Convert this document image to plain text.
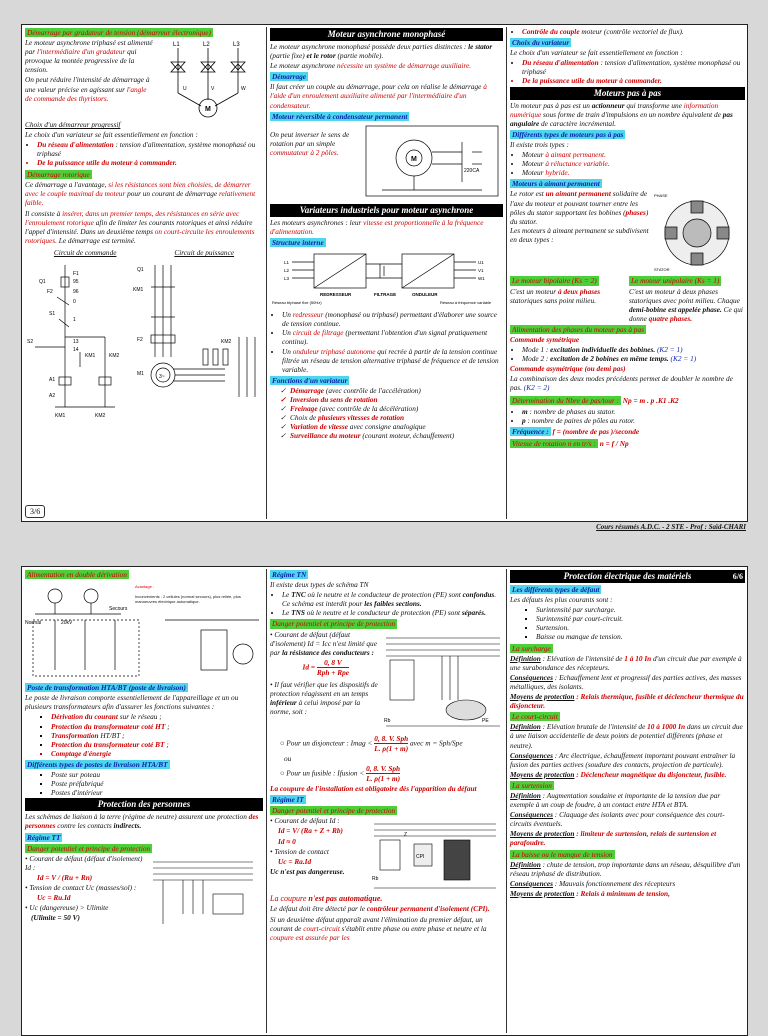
Démarrage par gradateur de tension (démarreur électronique)

Le moteur asynchrone triphasé est alimenté par l'intermédiaire d'un gradateur qui provoque la montée progressive de la tension.

On peut réduire l'intensité de démarrage à une valeur précise en agissant sur l'angle de commande des thyristors.

L1	L2	L3
U	V	W
M

Choix d'un démarreur progressif

Le choix d'un variateur se fait essentiellement en fonction :

• Du réseau d'alimentation : tension d'alimentation, système monophasé ou triphasé
• De la puissance utile du moteur à commander.
Démarrage rotorique

Ce démarrage a l'avantage, si les résistances sont bien choisies, de démarrer avec le couple maximal du moteur pour un courant de démarrage relativement faible.

Il consiste à insérer, dans un premier temps, des résistances en série avec l'enroulement rotorique afin de limiter les courants rotoriques et ainsi réduire l'appel d'intensité. Dans un deuxième temps on court-circuite les enroulements rotoriques. Le démarrage est terminé.

Circuit de commande	Circuit de puissance
Q1
F1
95
F2	96
0
S1
1
S2	13
14
KM1	KM2
A1
A2
KM1	KM2
Q1
KM1
KM2
M1	3~
F2
Moteur asynchrone monophasé

Le moteur asynchrone monophasé possède deux parties distinctes : le stator (partie fixe) et le rotor (partie mobile).

Le moteur asynchrone nécessite un système de démarrage auxiliaire.

Démarrage

Il faut créer un couple au démarrage, pour cela on réalise le démarrage à l'aide d'un enroulement auxiliaire alimenté par l'intermédiaire d'un condensateur.

Moteur réversible à condensateur permanent

On peut inverser le sens de rotation par un simple commutateur à 2 pôles.

220CA
M
Variateurs industriels pour moteur asynchrone

Les moteurs asynchrones : leur vitesse est proportionnelle à la fréquence d'alimentation.

Structure interne
L1
L2
L3
U1
V1
W1
REDRESSEUR	FILTRAGE	ONDULEUR
Réseau triphasé fixe (50Hz)	Réseau à fréquence variable
• Un redresseur (monophasé ou triphasé) permettant d'élaborer une source de tension continue.
• Un circuit de filtrage (permettant l'obtention d'un signal pratiquement continu).
• Un onduleur triphasé autonome qui recrée à partir de la tension continue filtrée un réseau de tension alternative triphasé de fréquence et de tension variable.
Fonctions d'un variateur
✓ Démarrage (avec contrôle de l'accélération)
✓ Inversion du sens de rotation
✓ Freinage (avec contrôle de la décélération)
✓ Choix de plusieurs vitesses de rotation
✓ Variation de vitesse avec consigne analogique
✓ Surveillance du moteur (courant moteur, échauffement)
• Contrôle du couple moteur (contrôle vectoriel de flux).
Choix du variateur

Le choix d'un variateur se fait essentiellement en fonction :

• Du réseau d'alimentation : tension d'alimentation, système monophasé ou triphasé
• De la puissance utile du moteur à commander.
Moteurs pas à pas

Un moteur pas à pas est un actionneur qui transforme une information numérique sous forme de train d'impulsions en un nombre équivalent de pas angulaire de caractère incrémental.

Différents types de moteurs pas à pas

Il existe trois types :

• Moteur à aimant permanent.
• Moteur à réluctance variable.
• Moteur hybride.
Moteurs à aimant permanent

Le rotor est un aimant permanent solidaire de l'axe du moteur et pouvant tourner entre les pôles du stator supportant les bobines (phases) du stator.
Les moteurs à aimant permanent se subdivisent en deux types :

PHASE
STATOR
Le moteur bipolaire (Ks = 2)

C'est un moteur à deux phases statoriques sans point milieu.

Le moteur unipolaire (Ks = 1)

C'est un moteur à deux phases statoriques avec point milieu. Chaque demi-bobine est appelée phase. Ce qui donne quatre phases.

Alimentation des phases du moteur pas à pas

Commande symétrique

• Mode 1 : excitation individuelle des bobines. (K2 = 1)
• Mode 2 : excitation de 2 bobines en même temps. (K2 = 1)

Commande asymétrique (ou demi pas)

La combinaison des deux modes précédents permet de doubler le nombre de pas. (K2 = 2)

Détermination du Nbre de pas/tour : Np = m . p .K1 .K2

• m : nombre de phases au stator.
• p : nombre de paires de pôles au rotor.

Fréquence : f = (nombre de pas )/seconde

Vitesse de rotation n en tr/s : n = f / Np

3/6
Cours résumés A.D.C. - 2 STE - Prof : Saïd-CHARI
Alimentation en double dérivation
Normal	20kV
Secours
Avantage :
Inconvénients : 2 cellules (normal secours), plus reliée, plus manoeuvres électrique automatique.
Poste de transformation HTA/BT (poste de livraison)

Le poste de livraison comporte essentiellement de l'appareillage et un ou plusieurs transformateurs afin d'assurer les fonctions suivantes :

▪ Dérivation du courant sur le réseau ;
▪ Protection du transformateur coté HT ;
▪ Transformation HT/BT ;
▪ Protection du transformateur coté BT ;
▪ Comptage d'énergie
Différents types de postes de livraison HTA/BT
▪ Poste sur poteau
▪ Poste préfabriqué
▪ Postes d'intérieur
Protection des personnes

Les schémas de liaison à la terre (régime de neutre) assurent une protection des personnes contre les contacts indirects.

Régime TT
Danger potentiel et principe de protection

• Courant de défaut (défaut d'isolement) Id :

Id = V / (Ru + Rn)

• Tension de contact Uc (masses/sol) :

Uc = Ru.Id

• Uc (dangereuse) > Ulimite

(Ulimite = 50 V)

Régime TN

Il existe deux types de schéma TN

• Le TNC où le neutre et le conducteur de protection (PE) sont confondus. Ce schéma est interdit pour les faibles sections.
• Le TNS où le neutre et le conducteur de protection (PE) sont séparés.
Danger potentiel et principe de protection

• Courant de défaut (défaut d'isolement) Id = Icc n'est limité que par la résistance des conducteurs :

$Id = \frac{0, 8 V}{\text{Rph + Rpe}}$

• Il faut vérifier que les dispositifs de protection réagissent en un temps inférieur à celui imposé par la norme, soit :

Rb	PE

○ Pour un disjoncteur : Imag < $\frac{\text{0, 8. V. Sph}}{L. \rho(1 + m)}$ avec m = Sph/Spe

ou

○ Pour un fusible : Ifusion < $\frac{\text{0, 8. V. Sph}}{L. \rho(1 + m)}$

La coupure de l'installation est obligatoire dès l'apparition du défaut

Régime IT
Danger potentiel et principe de protection

• Courant de défaut Id :

Id = V/ (Ra + Z + Rb)

Id ≈ 0

• Tension de contact

Uc = Ra.Id

Uc n'est pas dangereuse.

Rb
CPI
Z

La coupure n'est pas automatique.

Le défaut doit être détecté par le contrôleur permanent d'isolement (CPI).

Si un deuxième défaut apparaît avant l'élimination du premier défaut, un courant de court-circuit s'établit entre phase ou entre phase et neutre et la coupure est assurée par les

Protection électrique des matériels
Les différents types de défaut

Les défauts les plus courants sont :

▪ Surintensité par surcharge.
▪ Surintensité par court-circuit.
▪ Surtension.
▪ Baisse ou manque de tension.
La surcharge

Définition : Elévation de l'intensité de 1 à 10 In d'un circuit due par exemple à une surabondance des récepteurs.

Conséquences : Echauffement lent et progressif des parties actives, des masses métalliques, des isolants.

Moyens de protection : Relais thermique, fusible et déclencheur thermique du disjoncteur.

Le court-circuit

Définition : Elévation brutale de l'intensité de 10 à 1000 In dans un circuit due à une liaison accidentelle de deux points de potentiel différents (phase et neutre).

Conséquences : Arc électrique, échauffement important pouvant entraîner la fusion des parties actives (soudure des contacts, projection de particule).

Moyens de protection : Déclencheur magnétique du disjoncteur, fusible.

La surtension

Définition : Augmentation soudaine et importante de la tension due par exemple à un coup de foudre, à un contact entre HTA et BTA.

Conséquences : Claquage des isolants avec pour conséquence des court-circuits éventuels.

Moyens de protection : limiteur de surtension, relais de surtension et parafoudre.

La baisse ou le manque de tension

Définition : chute de tension, trop importante dans un réseau, désquilibre d'un réseau triphasé de distribution.

Conséquences : Mauvais fonctionnement des récepteurs

Moyens de protection : Relais à minimum de tension,

6/6
